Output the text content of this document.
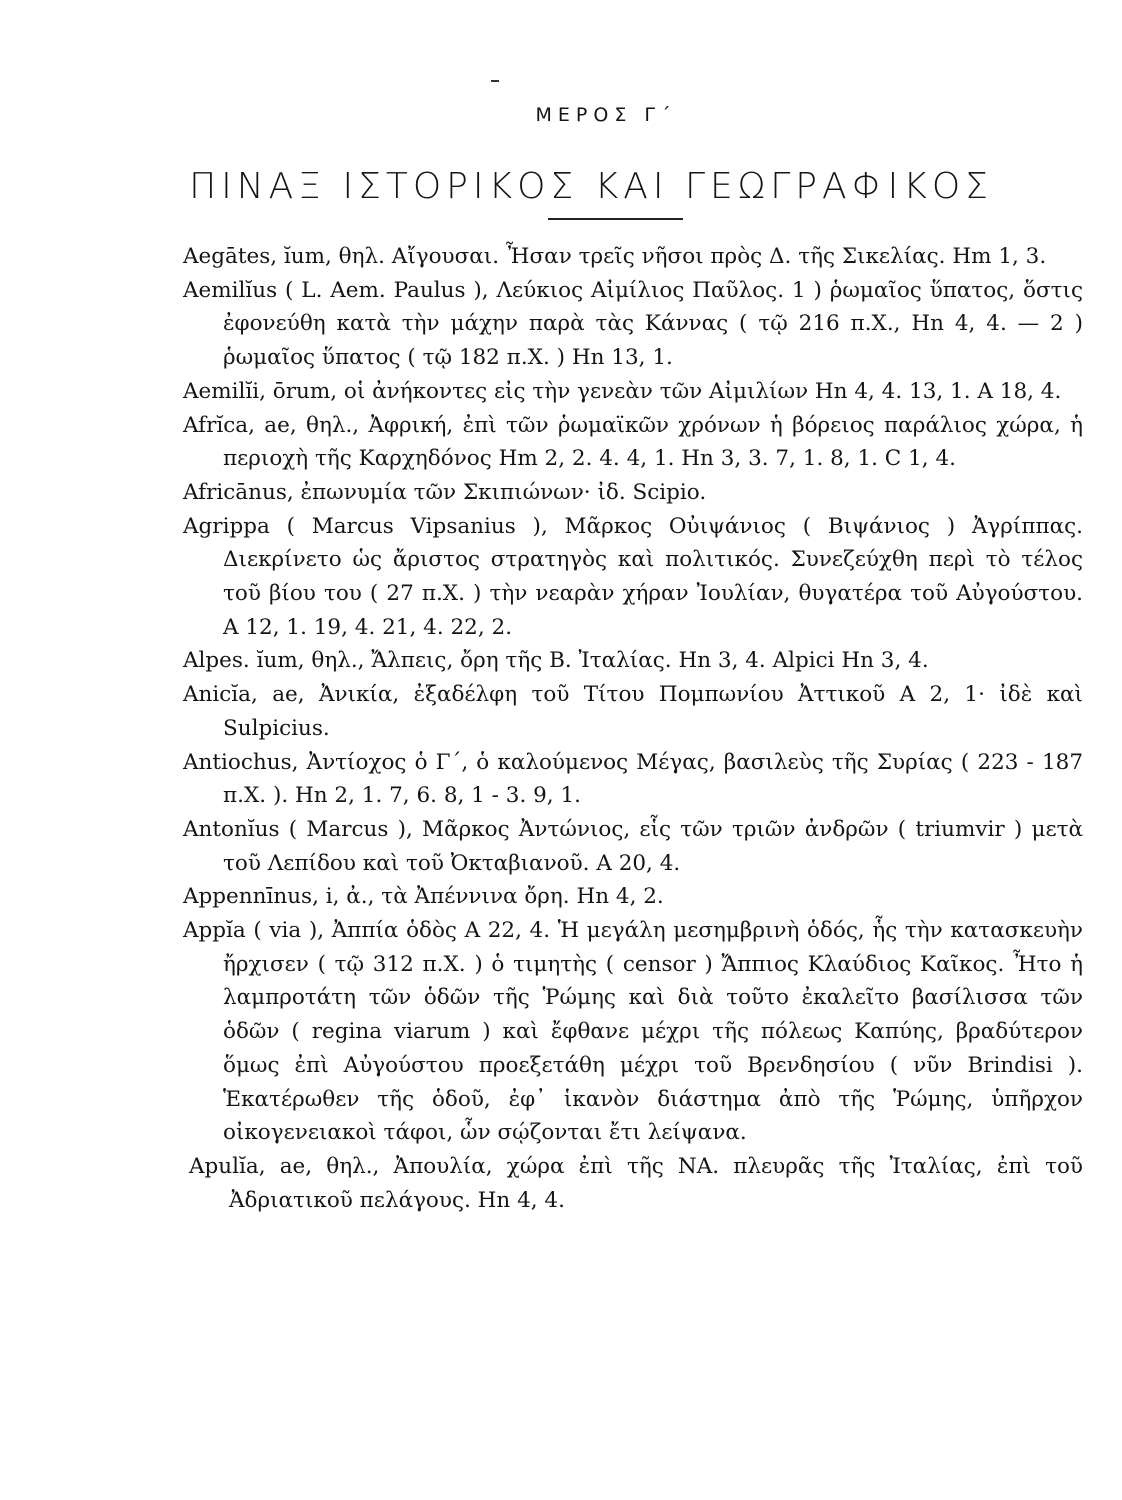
ΜΕΡΟΣ Γ΄
ΠΙΝΑΞ ΙΣΤΟΡΙΚΟΣ ΚΑΙ ΓΕΩΓΡΑΦΙΚΟΣ

Aegātes, ĭum, θηλ. Αἴγουσαι. Ἦσαν τρεῖς νῆσοι πρὸς Δ. τῆς Σικελίας. Hm 1, 3.

Aemilĭus ( L. Aem. Paulus ), Λεύκιος Αἰμίλιος Παῦλος. 1 ) ῥωμαῖος ὕπατος, ὅστις ἐφονεύθη κατὰ τὴν μάχην παρὰ τὰς Κάννας ( τῷ 216 π.Χ., Hn 4, 4. — 2 ) ῥωμαῖος ὕπατος ( τῷ 182 π.Χ. ) Hn 13, 1.

Aemilĭi, ōrum, οἱ ἀνήκοντες εἰς τὴν γενεὰν τῶν Αἰμιλίων Hn 4, 4. 13, 1. A 18, 4.

Afrĭca, ae, θηλ., Ἀφρική, ἐπὶ τῶν ῥωμαϊκῶν χρόνων ἡ βόρειος παράλιος χώρα, ἡ περιοχὴ τῆς Καρχηδόνος Hm 2, 2. 4. 4, 1. Hn 3, 3. 7, 1. 8, 1. C 1, 4.

Africānus, ἐπωνυμία τῶν Σκιπιώνων· ἰδ. Scipio.

Agrippa ( Marcus Vipsanius ), Μᾶρκος Οὐιψάνιος ( Βιψάνιος ) Ἀγρίππας. Διεκρίνετο ὡς ἄριστος στρατηγὸς καὶ πολιτικός. Συνεζεύχθη περὶ τὸ τέλος τοῦ βίου του ( 27 π.Χ. ) τὴν νεαρὰν χήραν Ἰουλίαν, θυγατέρα τοῦ Αὐγούστου. A 12, 1. 19, 4. 21, 4. 22, 2.

Alpes. ĭum, θηλ., Ἄλπεις, ὄρη τῆς Β. Ἰταλίας. Hn 3, 4. Alpici Hn 3, 4.

Anicĭa, ae, Ἀνικία, ἐξαδέλφη τοῦ Τίτου Πομπωνίου Ἀττικοῦ A 2, 1· ἰδὲ καὶ Sulpicius.

Antiochus, Ἀντίοχος ὁ Γ΄, ὁ καλούμενος Μέγας, βασιλεὺς τῆς Συρίας ( 223 - 187 π.Χ. ). Hn 2, 1. 7, 6. 8, 1 - 3. 9, 1.

Antonĭus ( Marcus ), Μᾶρκος Ἀντώνιος, εἷς τῶν τριῶν ἀνδρῶν ( triumvir ) μετὰ τοῦ Λεπίδου καὶ τοῦ Ὀκταβιανοῦ. A 20, 4.

Appennīnus, i, ἀ., τὰ Ἀπέννινα ὄρη. Hn 4, 2.

Appĭa ( via ), Ἀππία ὁδὸς A 22, 4. Ἡ μεγάλη μεσημβρινὴ ὁδός, ἧς τὴν κατασκευὴν ἤρχισεν ( τῷ 312 π.Χ. ) ὁ τιμητὴς ( censor ) Ἄππιος Κλαύδιος Καῖκος. Ἦτο ἡ λαμπροτάτη τῶν ὁδῶν τῆς Ῥώμης καὶ διὰ τοῦτο ἐκαλεῖτο βασίλισσα τῶν ὁδῶν ( regina viarum ) καὶ ἔφθανε μέχρι τῆς πόλεως Καπύης, βραδύτερον ὅμως ἐπὶ Αὐγούστου προεξετάθη μέχρι τοῦ Βρενδησίου ( νῦν Brindisi ). Ἑκατέρωθεν τῆς ὁδοῦ, ἐφ᾽ ἱκανὸν διάστημα ἀπὸ τῆς Ῥώμης, ὑπῆρχον οἰκογενειακοὶ τάφοι, ὧν σῴζονται ἔτι λείψανα.

Apulĭa, ae, θηλ., Ἀπουλία, χώρα ἐπὶ τῆς ΝΑ. πλευρᾶς τῆς Ἰταλίας, ἐπὶ τοῦ Ἀδριατικοῦ πελάγους. Hn 4, 4.
